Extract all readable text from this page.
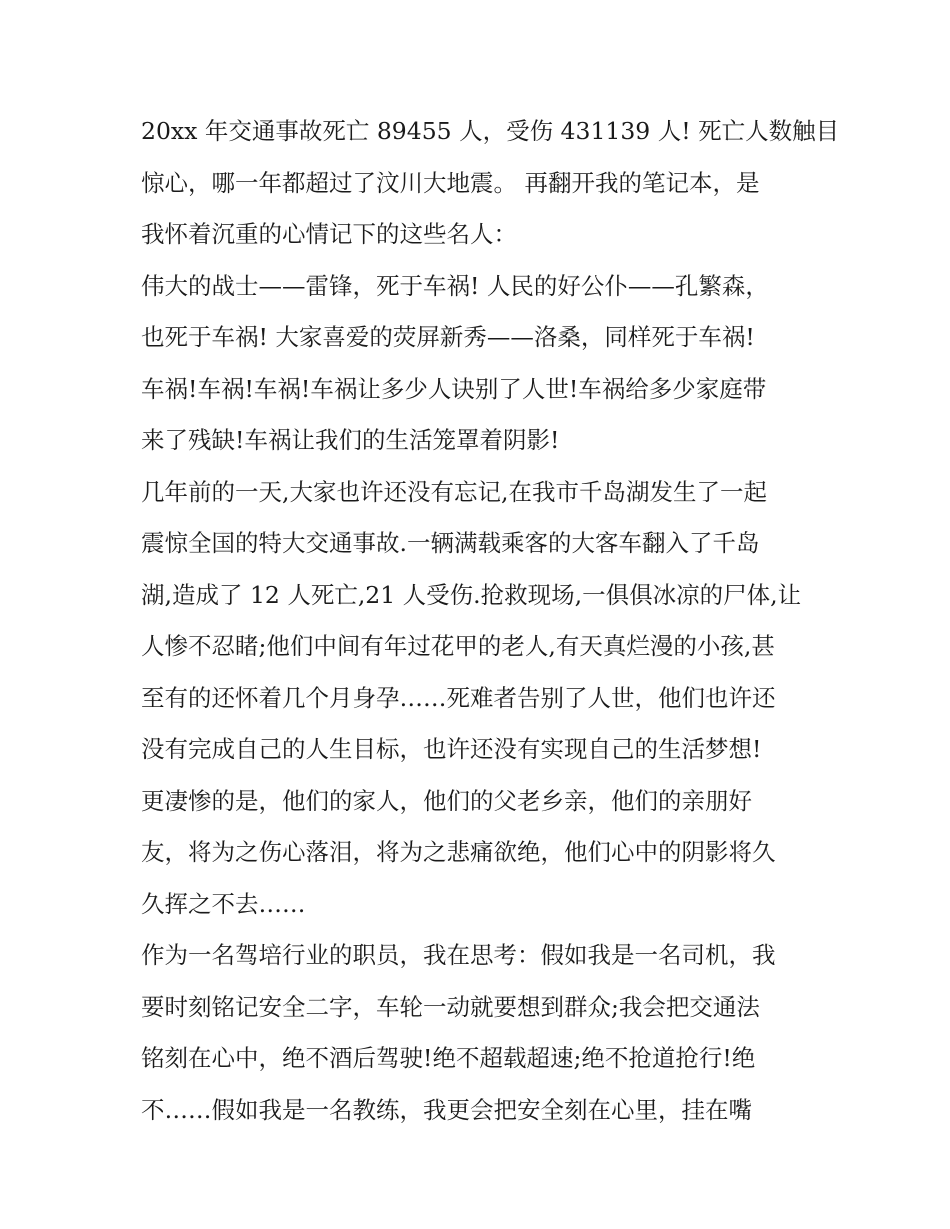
20xx 年交通事故死亡 89455 人，受伤 431139 人! 死亡人数触目
惊心，哪一年都超过了汶川大地震。 再翻开我的笔记本，是
我怀着沉重的心情记下的这些名人：
伟大的战士——雷锋，死于车祸! 人民的好公仆——孔繁森，
也死于车祸! 大家喜爱的荧屏新秀——洛桑，同样死于车祸!
车祸!车祸!车祸!车祸让多少人诀别了人世!车祸给多少家庭带
来了残缺!车祸让我们的生活笼罩着阴影!
几年前的一天,大家也许还没有忘记,在我市千岛湖发生了一起
震惊全国的特大交通事故.一辆满载乘客的大客车翻入了千岛
湖,造成了 12 人死亡,21 人受伤.抢救现场,一俱俱冰凉的尸体,让
人惨不忍睹;他们中间有年过花甲的老人,有天真烂漫的小孩,甚
至有的还怀着几个月身孕……死难者告别了人世，他们也许还
没有完成自己的人生目标，也许还没有实现自己的生活梦想!
更凄惨的是，他们的家人，他们的父老乡亲，他们的亲朋好
友，将为之伤心落泪，将为之悲痛欲绝，他们心中的阴影将久
久挥之不去……
作为一名驾培行业的职员，我在思考：假如我是一名司机，我
要时刻铭记安全二字，车轮一动就要想到群众;我会把交通法
铭刻在心中，绝不酒后驾驶!绝不超载超速;绝不抢道抢行!绝
不……假如我是一名教练，我更会把安全刻在心里，挂在嘴
